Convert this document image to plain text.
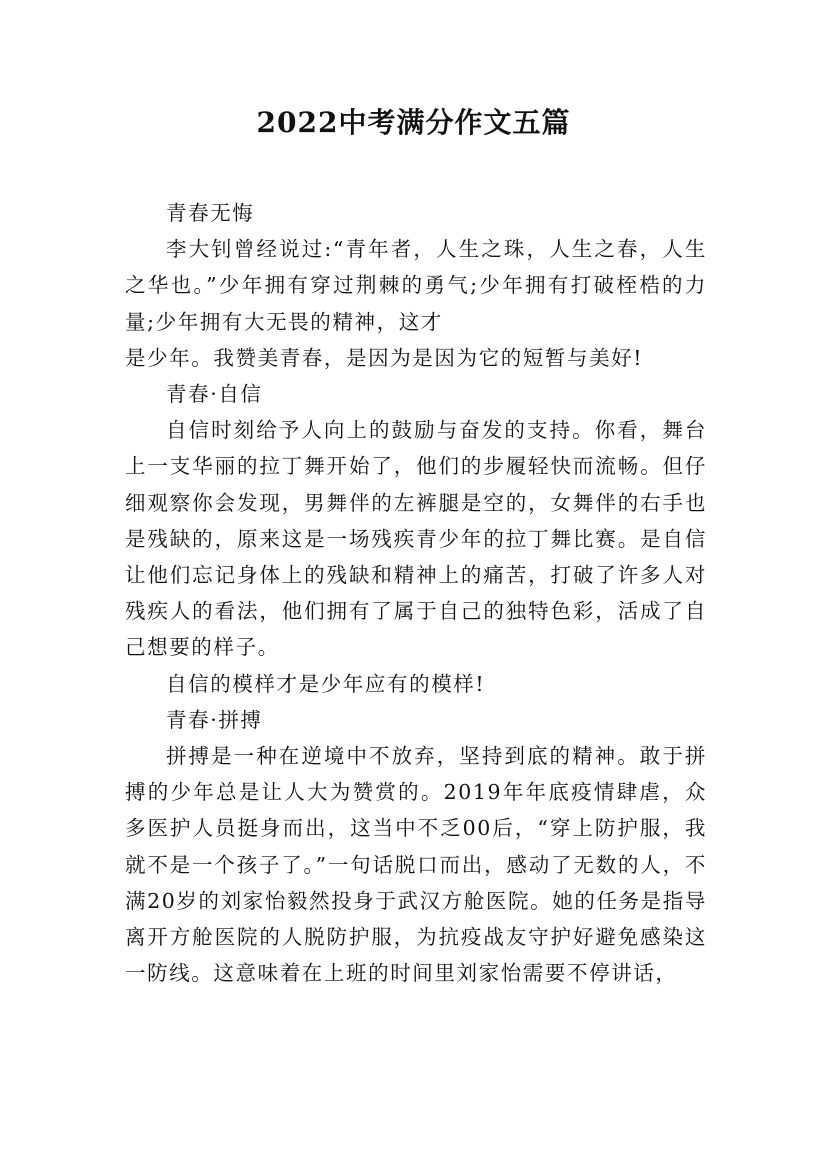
2022中考满分作文五篇

青春无悔

李大钊曾经说过:“青年者，人生之珠，人生之春，人生之华也。”少年拥有穿过荆棘的勇气;少年拥有打破桎梏的力量;少年拥有大无畏的精神，这才

是少年。我赞美青春，是因为是因为它的短暂与美好!

青春·自信

自信时刻给予人向上的鼓励与奋发的支持。你看，舞台上一支华丽的拉丁舞开始了，他们的步履轻快而流畅。但仔细观察你会发现，男舞伴的左裤腿是空的，女舞伴的右手也是残缺的，原来这是一场残疾青少年的拉丁舞比赛。是自信让他们忘记身体上的残缺和精神上的痛苦，打破了许多人对残疾人的看法，他们拥有了属于自己的独特色彩，活成了自己想要的样子。

自信的模样才是少年应有的模样!

青春·拼搏

拼搏是一种在逆境中不放弃，坚持到底的精神。敢于拼搏的少年总是让人大为赞赏的。2019年年底疫情肆虐，众多医护人员挺身而出，这当中不乏00后，“穿上防护服，我就不是一个孩子了。”一句话脱口而出，感动了无数的人，不满20岁的刘家怡毅然投身于武汉方舱医院。她的任务是指导离开方舱医院的人脱防护服，为抗疫战友守护好避免感染这一防线。这意味着在上班的时间里刘家怡需要不停讲话，
